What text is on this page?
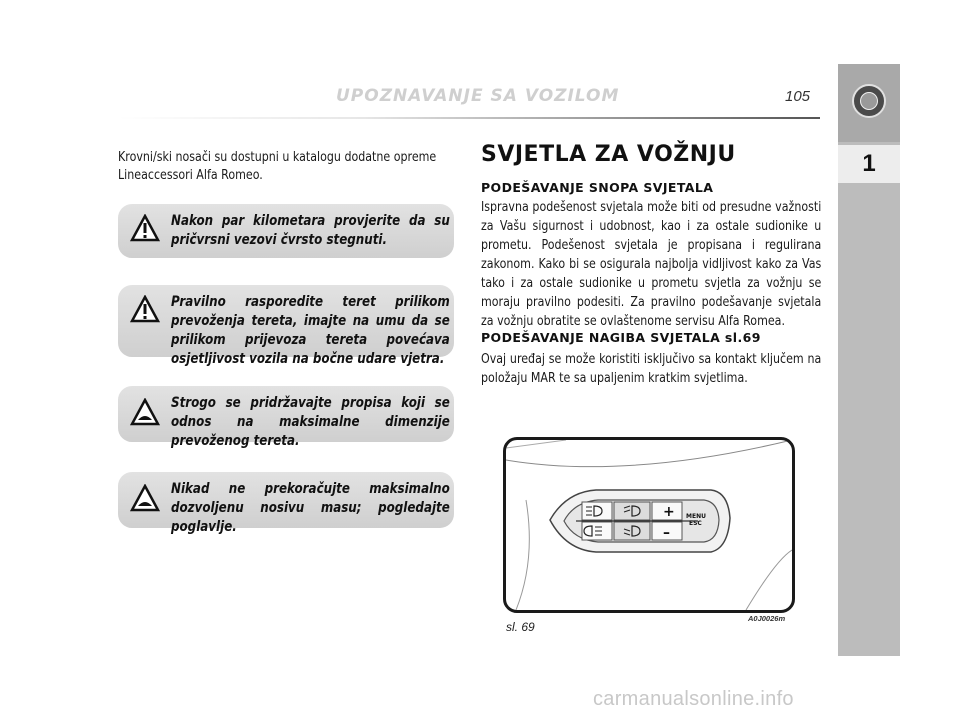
UPOZNAVANJE SA VOZILOM	105
1
Krovni/ski nosači su dostupni u katalogu dodatne opreme Lineaccessori Alfa Romeo.
Nakon par kilometara provjerite da su pričvrsni vezovi čvrsto stegnuti.
Pravilno rasporedite teret prilikom prevoženja tereta, imajte na umu da se prilikom prijevoza tereta povećava osjetljivost vozila na bočne udare vjetra.
Strogo se pridržavajte propisa koji se odnos na maksimalne dimenzije prevoženog tereta.
Nikad ne prekoračujte maksimalno dozvoljenu nosivu masu; pogledajte poglavlje.
SVJETLA ZA VOŽNJU
PODEŠAVANJE SNOPA SVJETALA
Ispravna podešenost svjetala može biti od presudne važnosti za Vašu sigurnost i udobnost, kao i za ostale sudionike u prometu. Podešenost svjetala je propisana i regulirana zakonom. Kako bi se osigurala najbolja vidljivost kako za Vas tako i za ostale sudionike u prometu svjetla za vožnju se moraju pravilno podesiti. Za pravilno podešavanje svjetala za vožnju obratite se ovlaštenome servisu Alfa Romea.
PODEŠAVANJE NAGIBA SVJETALA sl.69
Ovaj uređaj se može koristiti isključivo sa kontakt ključem na položaju MAR te sa upaljenim kratkim svjetlima.
+
–
MENU
ESC
sl. 69
A0J0026m
carmanualsonline.info
